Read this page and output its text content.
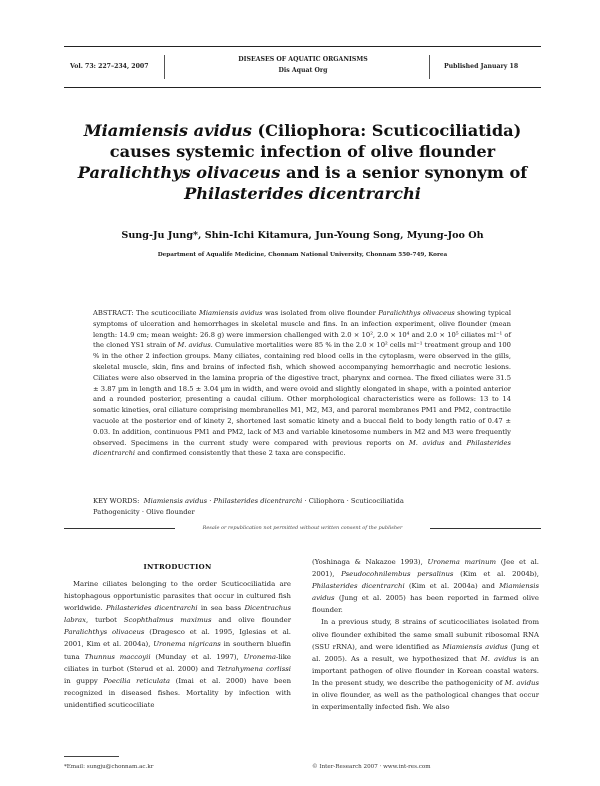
Vol. 73: 227–234, 2007
DISEASES OF AQUATIC ORGANISMS
Dis Aquat Org
Published January 18
Miamiensis avidus (Ciliophora: Scuticociliatida)
causes systemic infection of olive flounder
Paralichthys olivaceus and is a senior synonym of
Philasterides dicentrarchi
Sung-Ju Jung*, Shin-Ichi Kitamura, Jun-Young Song, Myung-Joo Oh
Department of Aqualife Medicine, Chonnam National University, Chonnam 550-749, Korea
ABSTRACT: The scuticociliate Miamiensis avidus was isolated from olive flounder Paralichthys olivaceus showing typical symptoms of ulceration and hemorrhages in skeletal muscle and fins. In an infection experiment, olive flounder (mean length: 14.9 cm; mean weight: 26.8 g) were immersion challenged with 2.0 × 10², 2.0 × 10⁴ and 2.0 × 10⁵ ciliates ml⁻¹ of the cloned YS1 strain of M. avidus. Cumulative mortalities were 85 % in the 2.0 × 10² cells ml⁻¹ treatment group and 100 % in the other 2 infection groups. Many ciliates, containing red blood cells in the cytoplasm, were observed in the gills, skeletal muscle, skin, fins and brains of infected fish, which showed accompanying hemorrhagic and necrotic lesions. Ciliates were also observed in the lamina propria of the digestive tract, pharynx and cornea. The fixed ciliates were 31.5 ± 3.87 µm in length and 18.5 ± 3.04 µm in width, and were ovoid and slightly elongated in shape, with a pointed anterior and a rounded posterior, presenting a caudal cilium. Other morphological characteristics were as follows: 13 to 14 somatic kineties, oral ciliature comprising membranelles M1, M2, M3, and paroral membranes PM1 and PM2, contractile vacuole at the posterior end of kinety 2, shortened last somatic kinety and a buccal field to body length ratio of 0.47 ± 0.03. In addition, continuous PM1 and PM2, lack of M3 and variable kinetosome numbers in M2 and M3 were frequently observed. Specimens in the current study were compared with previous reports on M. avidus and Philasterides dicentrarchi and confirmed consistently that these 2 taxa are conspecific.
KEY WORDS: Miamiensis avidus · Philasterides dicentrarchi · Ciliophora · Scuticociliatida
Pathogenicity · Olive flounder
Resale or republication not permitted without written consent of the publisher
INTRODUCTION

Marine ciliates belonging to the order Scuticociliatida are histophagous opportunistic parasites that occur in cultured fish worldwide. Philasterides dicentrarchi in sea bass Dicentrachus labrax, turbot Scophthalmus maximus and olive flounder Paralichthys olivaceus (Dragesco et al. 1995, Iglesias et al. 2001, Kim et al. 2004a), Uronema nigricans in southern bluefin tuna Thunnus maccoyii (Munday et al. 1997), Uronema-like ciliates in turbot (Sterud et al. 2000) and Tetrahymena corlissi in guppy Poecilia reticulata (Imai et al. 2000) have been recognized in diseased fishes. Mortality by infection with unidentified scuticociliate

(Yoshinaga & Nakazoe 1993), Uronema marinum (Jee et al. 2001), Pseudocohnilembus persalinus (Kim et al. 2004b), Philasterides dicentrarchi (Kim et al. 2004a) and Miamiensis avidus (Jung et al. 2005) has been reported in farmed olive flounder.

In a previous study, 8 strains of scuticociliates isolated from olive flounder exhibited the same small subunit ribosomal RNA (SSU rRNA), and were identified as Miamiensis avidus (Jung et al. 2005). As a result, we hypothesized that M. avidus is an important pathogen of olive flounder in Korean coastal waters. In the present study, we describe the pathogenicity of M. avidus in olive flounder, as well as the pathological changes that occur in experimentally infected fish. We also

*Email: sungju@chonnam.ac.kr	© Inter-Research 2007 · www.int-res.com
